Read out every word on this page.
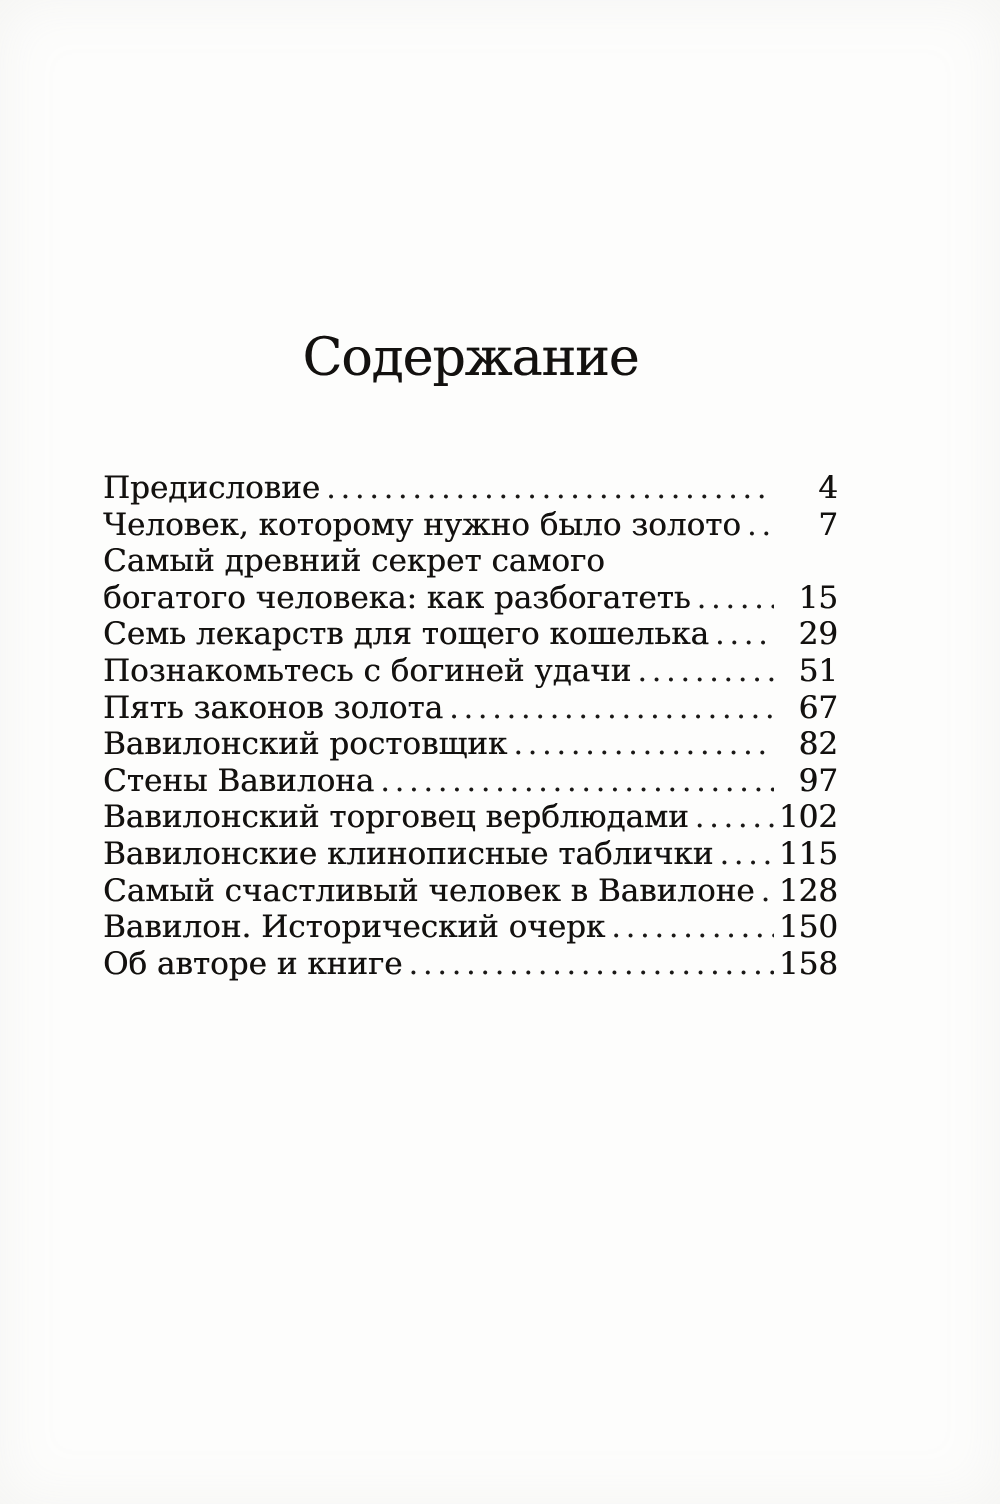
Содержание
Предисловие .....	4
Человек, которому нужно было золото .....	7
Самый древний секрет самого
богатого человека: как разбогатеть .....	15
Семь лекарств для тощего кошелька .....	29
Познакомьтесь с богиней удачи .....	51
Пять законов золота .....	67
Вавилонский ростовщик .....	82
Стены Вавилона .....	97
Вавилонский торговец верблюдами .....	102
Вавилонские клинописные таблички ..... 115
Самый счастливый человек в Вавилоне ..... 128
Вавилон. Исторический очерк .....	150
Об авторе и книге .....	158
